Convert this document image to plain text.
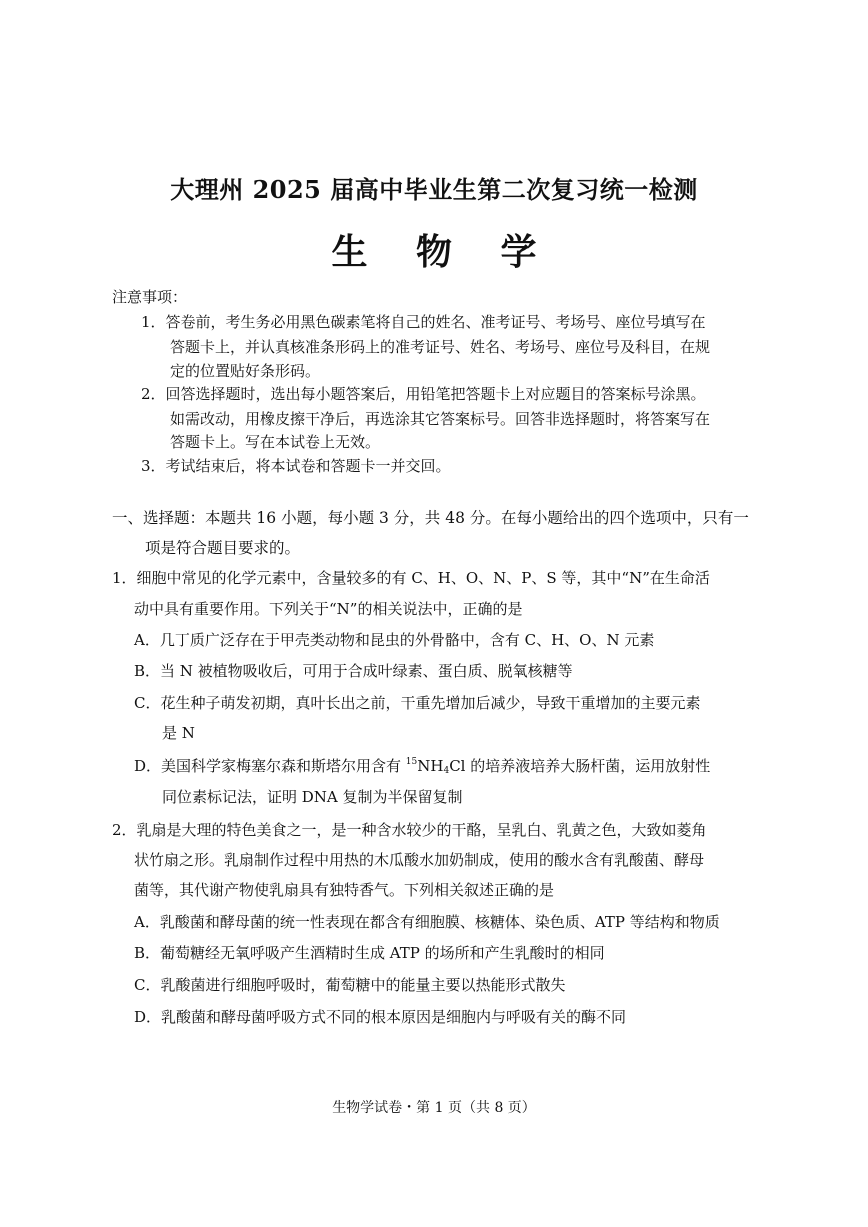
大理州 2025 届高中毕业生第二次复习统一检测
生 物 学
注意事项：
1．答卷前，考生务必用黑色碳素笔将自己的姓名、准考证号、考场号、座位号填写在
答题卡上，并认真核准条形码上的准考证号、姓名、考场号、座位号及科目，在规
定的位置贴好条形码。
2．回答选择题时，选出每小题答案后，用铅笔把答题卡上对应题目的答案标号涂黑。
如需改动，用橡皮擦干净后，再选涂其它答案标号。回答非选择题时，将答案写在
答题卡上。写在本试卷上无效。
3．考试结束后，将本试卷和答题卡一并交回。
一、选择题：本题共 16 小题，每小题 3 分，共 48 分。在每小题给出的四个选项中，只有一
项是符合题目要求的。
1．细胞中常见的化学元素中，含量较多的有 C、H、O、N、P、S 等，其中“N”在生命活
动中具有重要作用。下列关于“N”的相关说法中，正确的是
A．几丁质广泛存在于甲壳类动物和昆虫的外骨骼中，含有 C、H、O、N 元素
B．当 N 被植物吸收后，可用于合成叶绿素、蛋白质、脱氧核糖等
C．花生种子萌发初期，真叶长出之前，干重先增加后减少，导致干重增加的主要元素
是 N
D．美国科学家梅塞尔森和斯塔尔用含有 $^{15}NH_4Cl$ 的培养液培养大肠杆菌，运用放射性
同位素标记法，证明 DNA 复制为半保留复制
2．乳扇是大理的特色美食之一，是一种含水较少的干酪，呈乳白、乳黄之色，大致如菱角
状竹扇之形。乳扇制作过程中用热的木瓜酸水加奶制成，使用的酸水含有乳酸菌、酵母
菌等，其代谢产物使乳扇具有独特香气。下列相关叙述正确的是
A．乳酸菌和酵母菌的统一性表现在都含有细胞膜、核糖体、染色质、ATP 等结构和物质
B．葡萄糖经无氧呼吸产生酒精时生成 ATP 的场所和产生乳酸时的相同
C．乳酸菌进行细胞呼吸时，葡萄糖中的能量主要以热能形式散失
D．乳酸菌和酵母菌呼吸方式不同的根本原因是细胞内与呼吸有关的酶不同
生物学试卷・第 1 页（共 8 页）
